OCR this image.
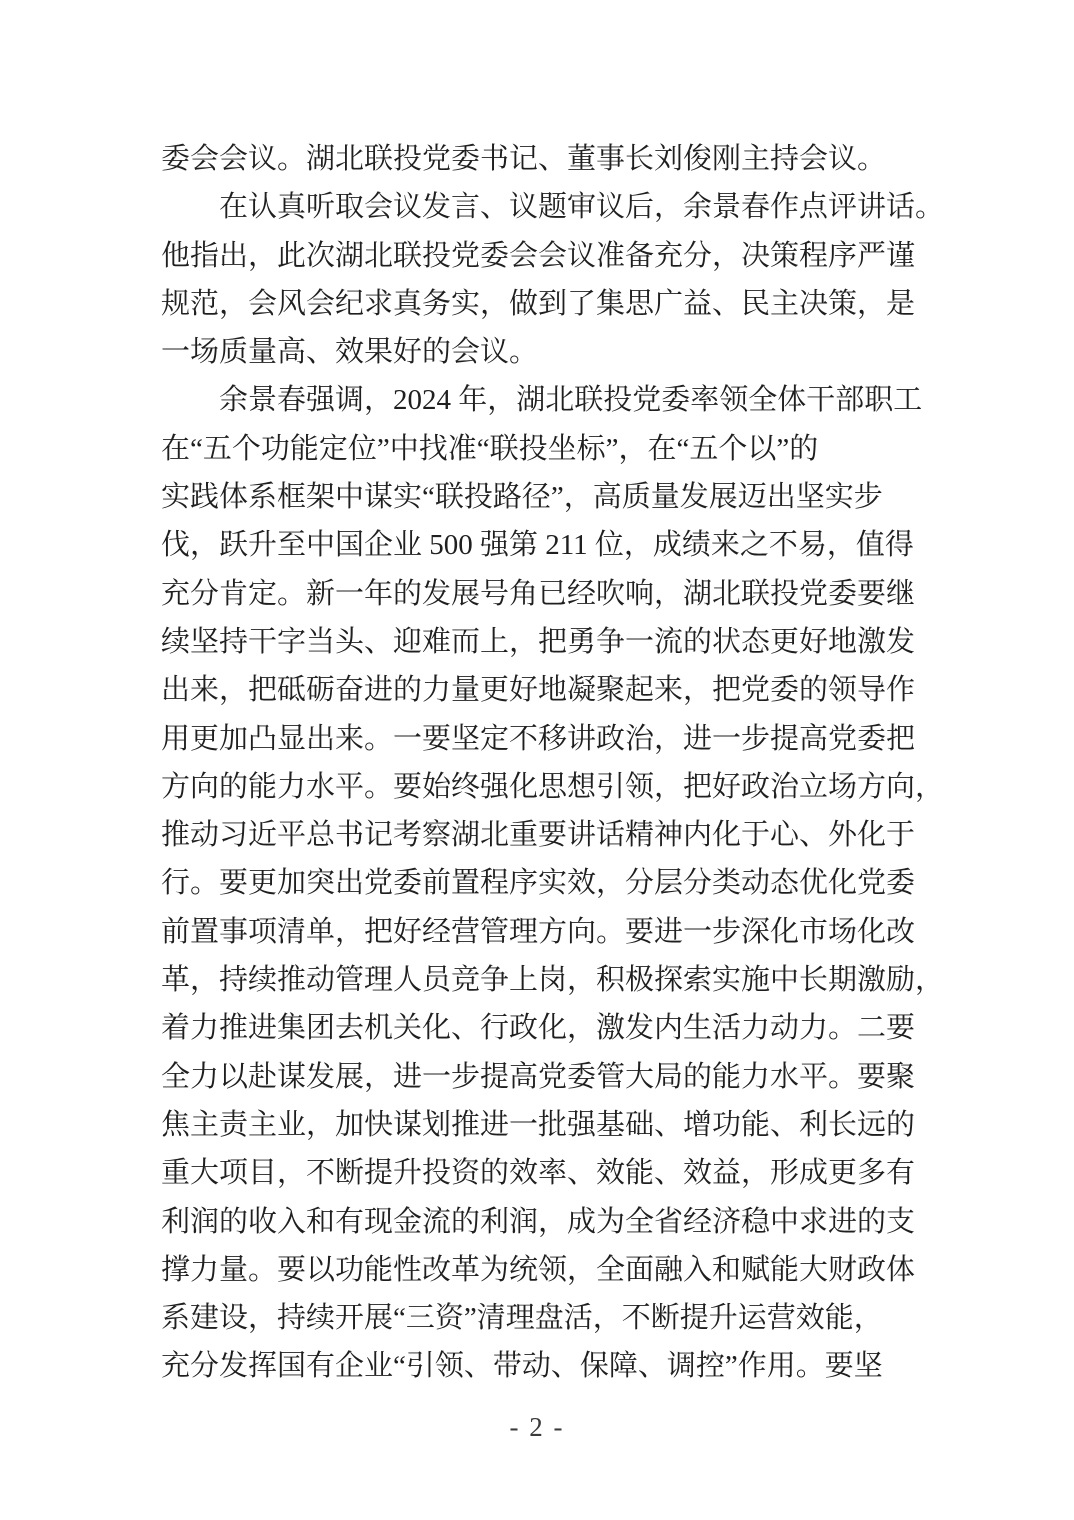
委会会议。湖北联投党委书记、董事长刘俊刚主持会议。
在认真听取会议发言、议题审议后，余景春作点评讲话。
他指出，此次湖北联投党委会会议准备充分，决策程序严谨
规范，会风会纪求真务实，做到了集思广益、民主决策，是
一场质量高、效果好的会议。
余景春强调，2024 年，湖北联投党委率领全体干部职工
在“五个功能定位”中找准“联投坐标”，在“五个以”的
实践体系框架中谋实“联投路径”，高质量发展迈出坚实步
伐，跃升至中国企业 500 强第 211 位，成绩来之不易，值得
充分肯定。新一年的发展号角已经吹响，湖北联投党委要继
续坚持干字当头、迎难而上，把勇争一流的状态更好地激发
出来，把砥砺奋进的力量更好地凝聚起来，把党委的领导作
用更加凸显出来。一要坚定不移讲政治，进一步提高党委把
方向的能力水平。要始终强化思想引领，把好政治立场方向，
推动习近平总书记考察湖北重要讲话精神内化于心、外化于
行。要更加突出党委前置程序实效，分层分类动态优化党委
前置事项清单，把好经营管理方向。要进一步深化市场化改
革，持续推动管理人员竞争上岗，积极探索实施中长期激励，
着力推进集团去机关化、行政化，激发内生活力动力。二要
全力以赴谋发展，进一步提高党委管大局的能力水平。要聚
焦主责主业，加快谋划推进一批强基础、增功能、利长远的
重大项目，不断提升投资的效率、效能、效益，形成更多有
利润的收入和有现金流的利润，成为全省经济稳中求进的支
撑力量。要以功能性改革为统领，全面融入和赋能大财政体
系建设，持续开展“三资”清理盘活，不断提升运营效能，
充分发挥国有企业“引领、带动、保障、调控”作用。要坚
- 2 -
